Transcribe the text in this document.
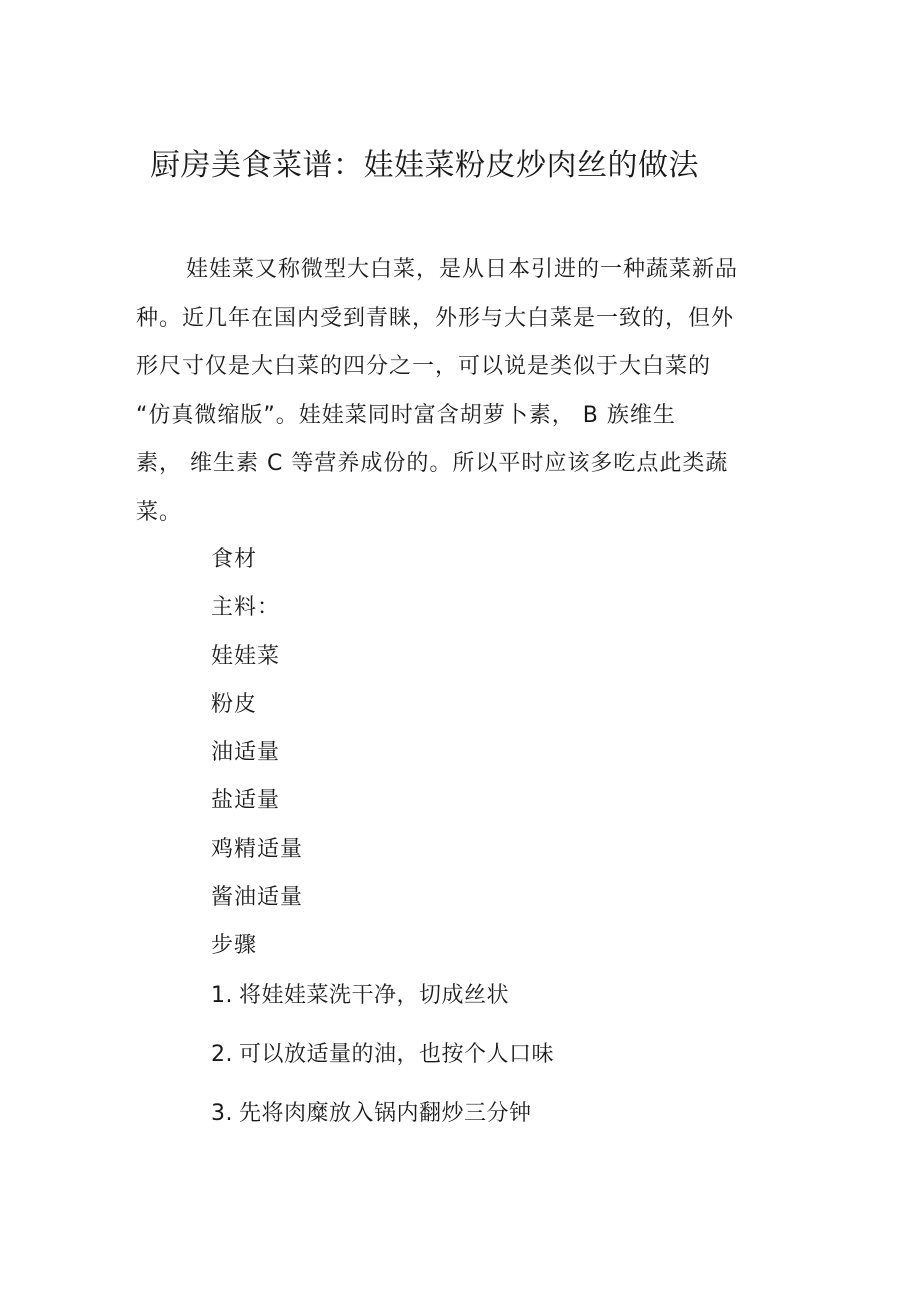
厨房美食菜谱：娃娃菜粉皮炒肉丝的做法
娃娃菜又称微型大白菜，是从日本引进的一种蔬菜新品
种。近几年在国内受到青睐，外形与大白菜是一致的，但外
形尺寸仅是大白菜的四分之一，可以说是类似于大白菜的
“仿真微缩版”。娃娃菜同时富含胡萝卜素， B 族维生
素， 维生素 C 等营养成份的。所以平时应该多吃点此类蔬
菜。
食材
主料：
娃娃菜
粉皮
油适量
盐适量
鸡精适量
酱油适量
步骤
1. 将娃娃菜洗干净，切成丝状
2. 可以放适量的油，也按个人口味
3. 先将肉糜放入锅内翻炒三分钟
